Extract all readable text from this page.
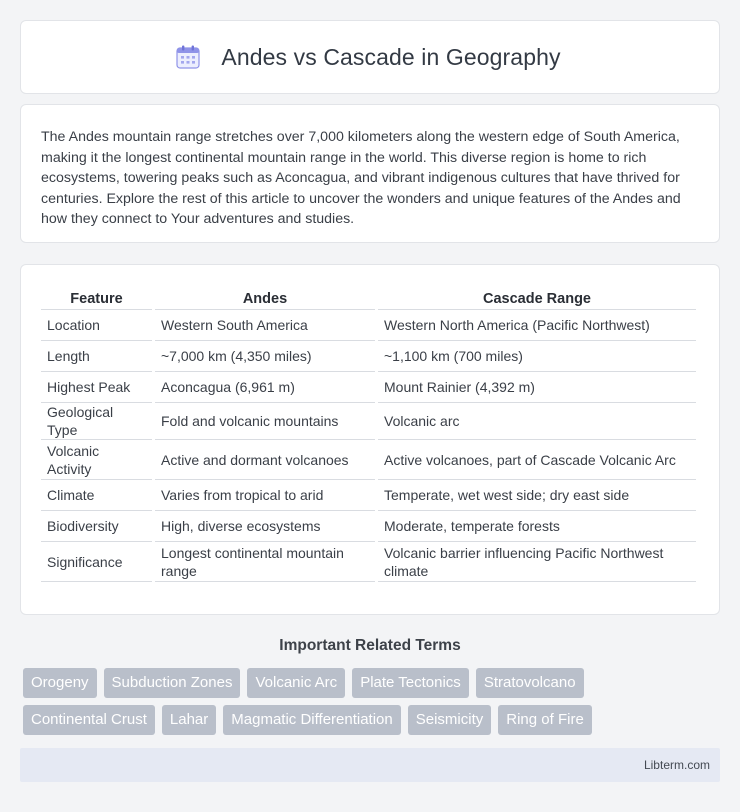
Andes vs Cascade in Geography

The Andes mountain range stretches over 7,000 kilometers along the western edge of South America, making it the longest continental mountain range in the world. This diverse region is home to rich ecosystems, towering peaks such as Aconcagua, and vibrant indigenous cultures that have thrived for centuries. Explore the rest of this article to uncover the wonders and unique features of the Andes and how they connect to Your adventures and studies.

Feature	Andes	Cascade Range
Location	Western South America	Western North America (Pacific Northwest)
Length	~7,000 km (4,350 miles)	~1,100 km (700 miles)
Highest Peak	Aconcagua (6,961 m)	Mount Rainier (4,392 m)
Geological Type	Fold and volcanic mountains	Volcanic arc
Volcanic Activity	Active and dormant volcanoes	Active volcanoes, part of Cascade Volcanic Arc
Climate	Varies from tropical to arid	Temperate, wet west side; dry east side
Biodiversity	High, diverse ecosystems	Moderate, temperate forests
Significance	Longest continental mountain range	Volcanic barrier influencing Pacific Northwest climate
Important Related Terms
Orogeny	Subduction Zones	Volcanic Arc	Plate Tectonics	Stratovolcano
Continental Crust	Lahar	Magmatic Differentiation	Seismicity	Ring of Fire
Libterm.com
